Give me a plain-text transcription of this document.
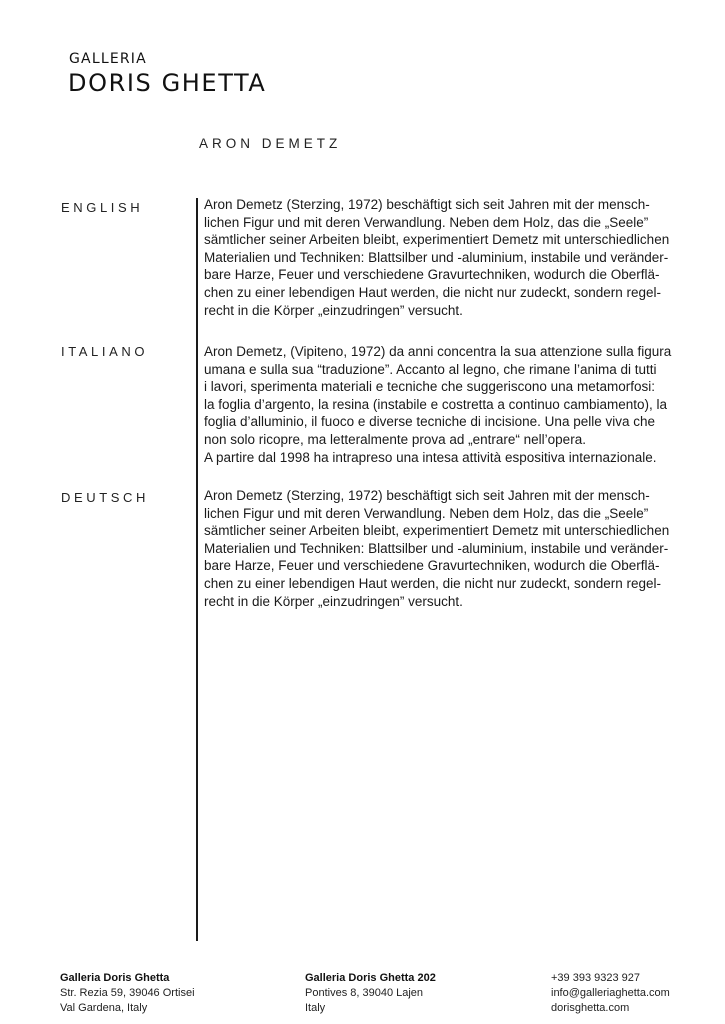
GALLERIA
DORIS GHETTA
ARON DEMETZ
ENGLISH	Aron Demetz (Sterzing, 1972) beschäftigt sich seit Jahren mit der mensch-
lichen Figur und mit deren Verwandlung. Neben dem Holz, das die „Seele”
sämtlicher seiner Arbeiten bleibt, experimentiert Demetz mit unterschiedlichen
Materialien und Techniken: Blattsilber und -aluminium, instabile und veränder-
bare Harze, Feuer und verschiedene Gravurtechniken, wodurch die Oberflä-
chen zu einer lebendigen Haut werden, die nicht nur zudeckt, sondern regel-
recht in die Körper „einzudringen” versucht.
ITALIANO	Aron Demetz, (Vipiteno, 1972) da anni concentra la sua attenzione sulla figura
umana e sulla sua “traduzione”. Accanto al legno, che rimane l’anima di tutti
i lavori, sperimenta materiali e tecniche che suggeriscono una metamorfosi:
la foglia d’argento, la resina (instabile e costretta a continuo cambiamento), la
foglia d’alluminio, il fuoco e diverse tecniche di incisione. Una pelle viva che
non solo ricopre, ma letteralmente prova ad „entrare“ nell’opera.
A partire dal 1998 ha intrapreso una intesa attività espositiva internazionale.
DEUTSCH	Aron Demetz (Sterzing, 1972) beschäftigt sich seit Jahren mit der mensch-
lichen Figur und mit deren Verwandlung. Neben dem Holz, das die „Seele”
sämtlicher seiner Arbeiten bleibt, experimentiert Demetz mit unterschiedlichen
Materialien und Techniken: Blattsilber und -aluminium, instabile und veränder-
bare Harze, Feuer und verschiedene Gravurtechniken, wodurch die Oberflä-
chen zu einer lebendigen Haut werden, die nicht nur zudeckt, sondern regel-
recht in die Körper „einzudringen” versucht.
Galleria Doris Ghetta
Str. Rezia 59, 39046 Ortisei
Val Gardena, Italy
Galleria Doris Ghetta 202
Pontives 8, 39040 Lajen
Italy
+39 393 9323 927
info@galleriaghetta.com
dorisghetta.com
